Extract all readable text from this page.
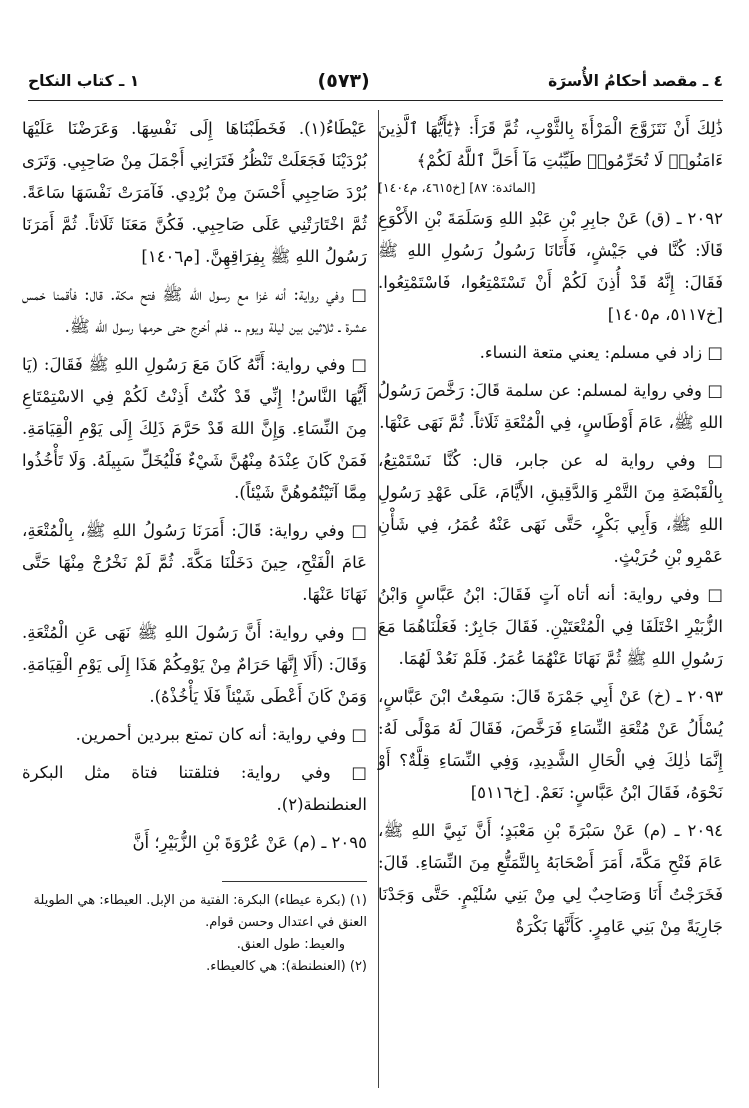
٤ ـ مقصد أحكامُ الأُسرَة
(٥٧٣)
١ ـ كتاب النكاح

ذَٰلِكَ أَنْ نَتَزَوَّجَ الْمَرْأَةَ بِالثَّوْبِ، ثُمَّ قَرَأَ: ﴿يَٰٓأَيُّهَا ٱلَّذِينَ ءَامَنُوا۟ لَا تُحَرِّمُوا۟ طَيِّبَٰتِ مَآ أَحَلَّ ٱللَّهُ لَكُمْ﴾

[المائدة: ٨٧] [خ٤٦١٥، م١٤٠٤]

٢٠٩٢ ـ (ق) عَنْ جابِرِ بْنِ عَبْدِ اللهِ وَسَلَمَةَ بْنِ الأَكْوَعِ قَالَا: كُنَّا في جَيْشٍ، فَأَتَانَا رَسُولُ رَسُولِ اللهِ ﷺ فَقَالَ: إِنَّهُ قَدْ أُذِنَ لَكُمْ أَنْ تَسْتَمْتِعُوا، فَاسْتَمْتِعُوا. [خ٥١١٧، م١٤٠٥]

□ زاد في مسلم: يعني متعة النساء.

□ وفي رواية لمسلم: عن سلمة قَالَ: رَخَّصَ رَسُولُ اللهِ ﷺ، عَامَ أَوْطَاسٍ، فِي الْمُتْعَةِ ثَلَاثاً. ثُمَّ نَهَى عَنْهَا.

□ وفي رواية له عن جابر، قال: كُنَّا نَسْتَمْتِعُ، بِالْقَبْضَةِ مِنَ التَّمْرِ وَالدَّقِيقِ، الأَيَّامَ، عَلَى عَهْدِ رَسُولِ اللهِ ﷺ، وَأَبِي بَكْرٍ، حَتَّى نَهَى عَنْهُ عُمَرُ، فِي شَأْنِ عَمْرِو بْنِ حُرَيْثٍ.

□ وفي رواية: أنه أتاه آتٍ فَقَالَ: ابْنُ عَبَّاسٍ وَابْنُ الزُّبَيْرِ اخْتَلَفَا فِي الْمُتْعَتَيْنِ. فَقَالَ جَابِرٌ: فَعَلْنَاهُمَا مَعَ رَسُولِ اللهِ ﷺ ثُمَّ نَهَانَا عَنْهُمَا عُمَرُ. فَلَمْ نَعُدْ لَهُمَا.

٢٠٩٣ ـ (خ) عَنْ أَبِي جَمْرَةَ قَالَ: سَمِعْتُ ابْنَ عَبَّاسٍ، يُسْأَلُ عَنْ مُتْعَةِ النِّسَاءِ فَرَخَّصَ، فَقَالَ لَهُ مَوْلًى لَهُ: إِنَّمَا ذٰلِكَ فِي الْحَالِ الشَّدِيدِ، وَفِي النِّسَاءِ قِلَّةٌ؟ أَوْ نَحْوَهُ، فَقَالَ ابْنُ عَبَّاسٍ: نَعَمْ. [خ٥١١٦]

٢٠٩٤ ـ (م) عَنْ سَبْرَةَ بْنِ مَعْبَدٍ؛ أَنَّ نَبِيَّ اللهِ ﷺ، عَامَ فَتْحِ مَكَّةَ، أَمَرَ أَصْحَابَهُ بِالتَّمَتُّعِ مِنَ النِّسَاءِ. قَالَ: فَخَرَجْتُ أَنَا وَصَاحِبٌ لِي مِنْ بَنِي سُلَيْمٍ. حَتَّى وَجَدْنَا جَارِيَةً مِنْ بَنِي عَامِرٍ. كَأَنَّهَا بَكْرَةٌ

عَيْطَاءُ(١). فَخَطَبْنَاهَا إِلَى نَفْسِهَا. وَعَرَضْنَا عَلَيْهَا بُرْدَيْنَا فَجَعَلَتْ تَنْظُرُ فَتَرَانِي أَجْمَلَ مِنْ صَاحِبِي. وَتَرَى بُرْدَ صَاحِبِي أَحْسَنَ مِنْ بُرْدِي. فَآمَرَتْ نَفْسَهَا سَاعَةً. ثُمَّ اخْتَارَتْنِي عَلَى صَاحِبِي. فَكُنَّ مَعَنَا ثَلَاثاً. ثُمَّ أَمَرَنَا رَسُولُ اللهِ ﷺ بِفِرَاقِهِنَّ. [م١٤٠٦]

□ وفي رواية: أنه غزا مع رسول الله ﷺ فتح مكة. قال: فأقمنا خمس عشرة ـ ثلاثين بين ليلة ويوم ـ. فلم أخرج حتى حرمها رسول الله ﷺ.

□ وفي رواية: أَنَّهُ كَانَ مَعَ رَسُولِ اللهِ ﷺ فَقَالَ: (يَا أَيُّهَا النَّاسُ! إِنِّي قَدْ كُنْتُ أَذِنْتُ لَكُمْ فِي الاسْتِمْتَاعِ مِنَ النِّسَاءِ. وَإِنَّ اللهَ قَدْ حَرَّمَ ذَلِكَ إِلَى يَوْمِ الْقِيَامَةِ. فَمَنْ كَانَ عِنْدَهُ مِنْهُنَّ شَيْءٌ فَلْيُخَلِّ سَبِيلَهُ. وَلَا تَأْخُذُوا مِمَّا آتَيْتُمُوهُنَّ شَيْئاً).

□ وفي رواية: قَالَ: أَمَرَنَا رَسُولُ اللهِ ﷺ، بِالْمُتْعَةِ، عَامَ الْفَتْحِ، حِينَ دَخَلْنَا مَكَّةَ. ثُمَّ لَمْ نَخْرُجْ مِنْهَا حَتَّى نَهَانَا عَنْهَا.

□ وفي رواية: أَنَّ رَسُولَ اللهِ ﷺ نَهَى عَنِ الْمُتْعَةِ. وَقَالَ: (أَلَا إِنَّهَا حَرَامٌ مِنْ يَوْمِكُمْ هَذَا إِلَى يَوْمِ الْقِيَامَةِ. وَمَنْ كَانَ أَعْطَى شَيْئاً فَلَا يَأْخُذْهُ).

□ وفي رواية: أنه كان تمتع ببردين أحمرين.

□ وفي رواية: فتلقتنا فتاة مثل البكرة العنطنطة(٢).

٢٠٩٥ ـ (م) عَنْ عُرْوَةَ بْنِ الزُّبَيْرِ؛ أَنَّ

(١) (بكرة عيطاء) البكرة: الفتية من الإبل. العيطاء: هي الطويلة العنق في اعتدال وحسن قوام.

والعيط: طول العنق.

(٢) (العنطنطة): هي كالعيطاء.
